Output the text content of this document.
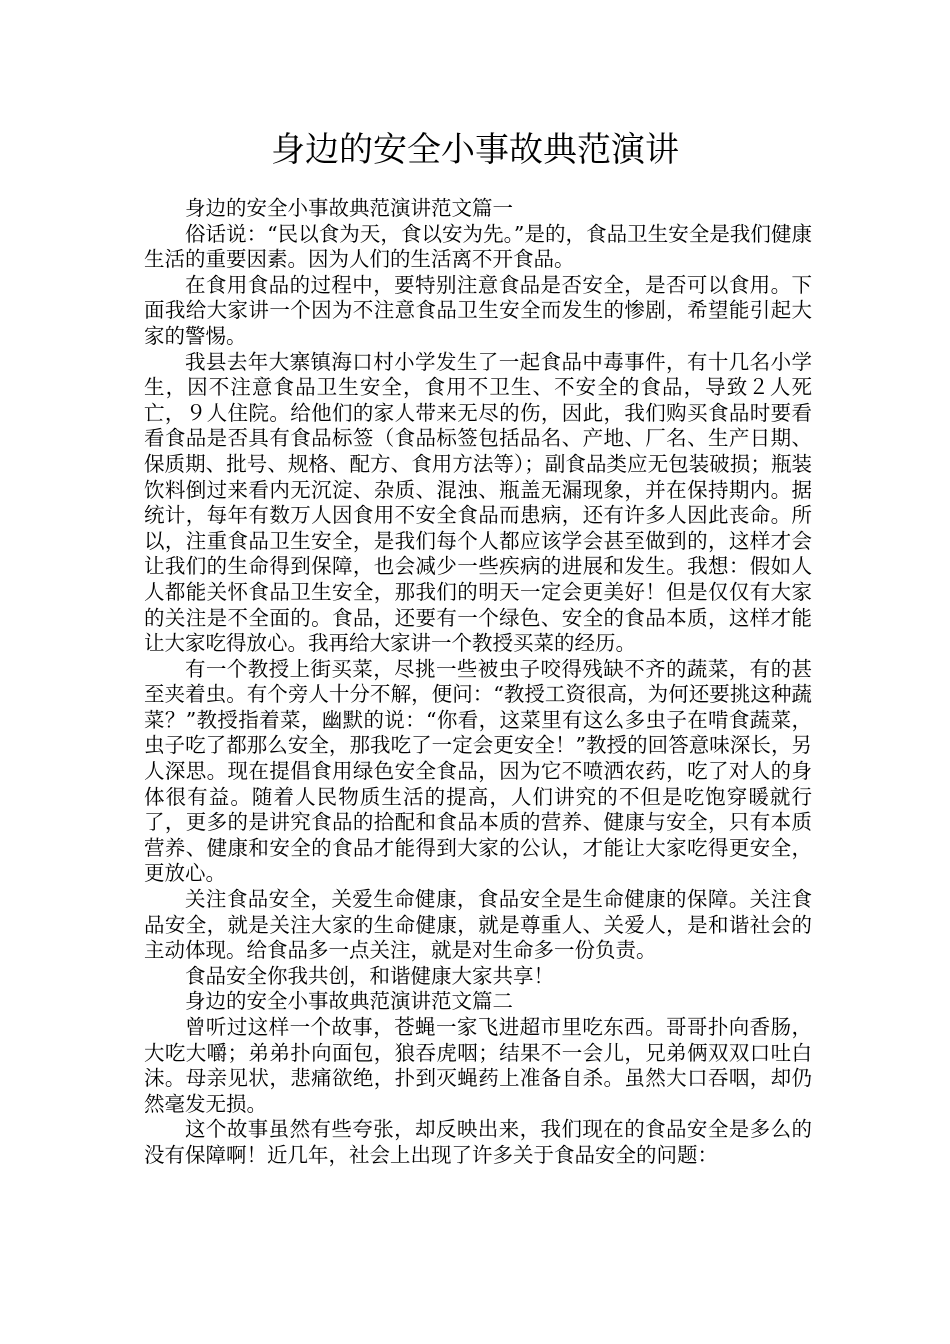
身边的安全小事故典范演讲

身边的安全小事故典范演讲范文篇一

俗话说：“民以食为天，食以安为先。”是的，食品卫生安全是我们健康生活的重要因素。因为人们的生活离不开食品。

在食用食品的过程中，要特别注意食品是否安全，是否可以食用。下面我给大家讲一个因为不注意食品卫生安全而发生的惨剧，希望能引起大家的警惕。

我县去年大寨镇海口村小学发生了一起食品中毒事件，有十几名小学生，因不注意食品卫生安全，食用不卫生、不安全的食品，导致２人死亡，９人住院。给他们的家人带来无尽的伤，因此，我们购买食品时要看看食品是否具有食品标签（食品标签包括品名、产地、厂名、生产日期、保质期、批号、规格、配方、食用方法等）；副食品类应无包装破损；瓶装饮料倒过来看内无沉淀、杂质、混浊、瓶盖无漏现象，并在保持期内。据统计，每年有数万人因食用不安全食品而患病，还有许多人因此丧命。所以，注重食品卫生安全，是我们每个人都应该学会甚至做到的，这样才会让我们的生命得到保障，也会减少一些疾病的进展和发生。我想：假如人人都能关怀食品卫生安全，那我们的明天一定会更美好！但是仅仅有大家的关注是不全面的。食品，还要有一个绿色、安全的食品本质，这样才能让大家吃得放心。我再给大家讲一个教授买菜的经历。

有一个教授上街买菜，尽挑一些被虫子咬得残缺不齐的蔬菜，有的甚至夹着虫。有个旁人十分不解，便问：“教授工资很高，为何还要挑这种蔬菜？”教授指着菜，幽默的说：“你看，这菜里有这么多虫子在啃食蔬菜，虫子吃了都那么安全，那我吃了一定会更安全！”教授的回答意味深长，另人深思。现在提倡食用绿色安全食品，因为它不喷洒农药，吃了对人的身体很有益。随着人民物质生活的提高，人们讲究的不但是吃饱穿暖就行了，更多的是讲究食品的拾配和食品本质的营养、健康与安全，只有本质营养、健康和安全的食品才能得到大家的公认，才能让大家吃得更安全，更放心。

关注食品安全，关爱生命健康，食品安全是生命健康的保障。关注食品安全，就是关注大家的生命健康，就是尊重人、关爱人，是和谐社会的主动体现。给食品多一点关注，就是对生命多一份负责。

食品安全你我共创，和谐健康大家共享！

身边的安全小事故典范演讲范文篇二

曾听过这样一个故事，苍蝇一家飞进超市里吃东西。哥哥扑向香肠，大吃大嚼；弟弟扑向面包，狼吞虎咽；结果不一会儿，兄弟俩双双口吐白沫。母亲见状，悲痛欲绝，扑到灭蝇药上准备自杀。虽然大口吞咽，却仍然毫发无损。

这个故事虽然有些夸张，却反映出来，我们现在的食品安全是多么的没有保障啊！近几年，社会上出现了许多关于食品安全的问题：
